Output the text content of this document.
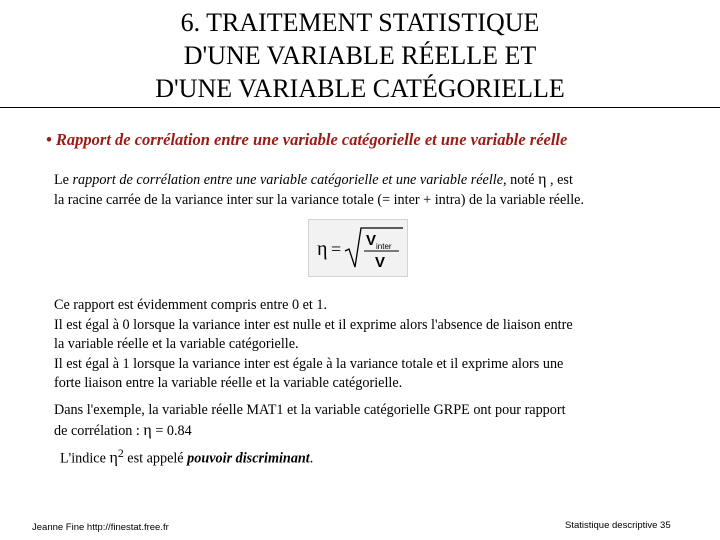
6. TRAITEMENT STATISTIQUE
D'UNE VARIABLE RÉELLE ET
D'UNE VARIABLE CATÉGORIELLE
• Rapport de corrélation entre une variable catégorielle et une variable réelle
Le rapport de corrélation entre une variable catégorielle et une variable réelle, noté η , est
la racine carrée de la variance inter sur la variance totale (= inter + intra) de la variable réelle.
η = V inter
V
Ce rapport est évidemment compris entre 0 et 1.
Il est égal à 0 lorsque la variance inter est nulle et il exprime alors l'absence de liaison entre
la variable réelle et la variable catégorielle.
Il est égal à 1 lorsque la variance inter est égale à la variance totale et il exprime alors une
forte liaison entre la variable réelle et la variable catégorielle.
Dans l'exemple, la variable réelle MAT1 et la variable catégorielle GRPE ont pour rapport
de corrélation : η = 0.84
L'indice $\eta^2$ est appelé pouvoir discriminant.
Jeanne Fine http://finestat.free.fr	Statistique descriptive 35
